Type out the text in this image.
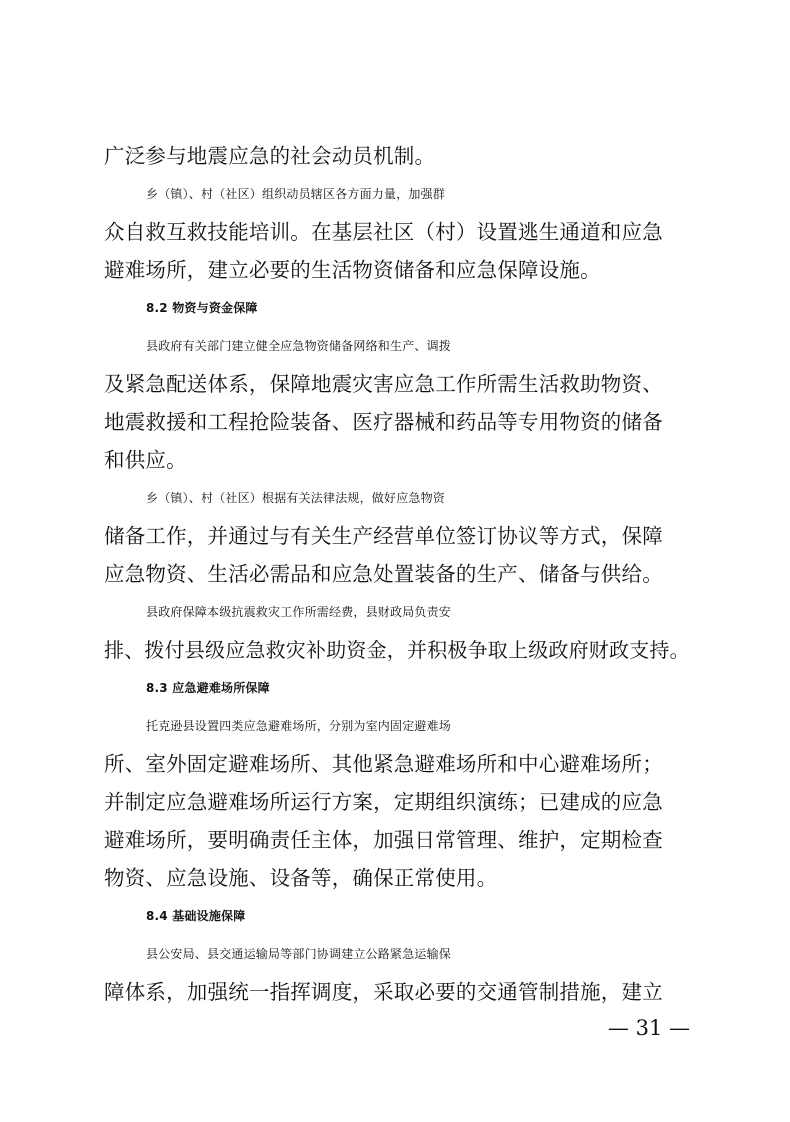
广泛参与地震应急的社会动员机制。
乡（镇）、村（社区）组织动员辖区各方面力量，加强群
众自救互救技能培训。在基层社区（村）设置逃生通道和应急
避难场所，建立必要的生活物资储备和应急保障设施。
8.2 物资与资金保障
县政府有关部门建立健全应急物资储备网络和生产、调拨
及紧急配送体系，保障地震灾害应急工作所需生活救助物资、
地震救援和工程抢险装备、医疗器械和药品等专用物资的储备
和供应。
乡（镇）、村（社区）根据有关法律法规，做好应急物资
储备工作，并通过与有关生产经营单位签订协议等方式，保障
应急物资、生活必需品和应急处置装备的生产、储备与供给。
县政府保障本级抗震救灾工作所需经费，县财政局负责安
排、拨付县级应急救灾补助资金，并积极争取上级政府财政支持。
8.3 应急避难场所保障
托克逊县设置四类应急避难场所，分别为室内固定避难场
所、室外固定避难场所、其他紧急避难场所和中心避难场所；
并制定应急避难场所运行方案，定期组织演练；已建成的应急
避难场所，要明确责任主体，加强日常管理、维护，定期检查
物资、应急设施、设备等，确保正常使用。
8.4 基础设施保障
县公安局、县交通运输局等部门协调建立公路紧急运输保
障体系，加强统一指挥调度，采取必要的交通管制措施，建立
— 31 —
